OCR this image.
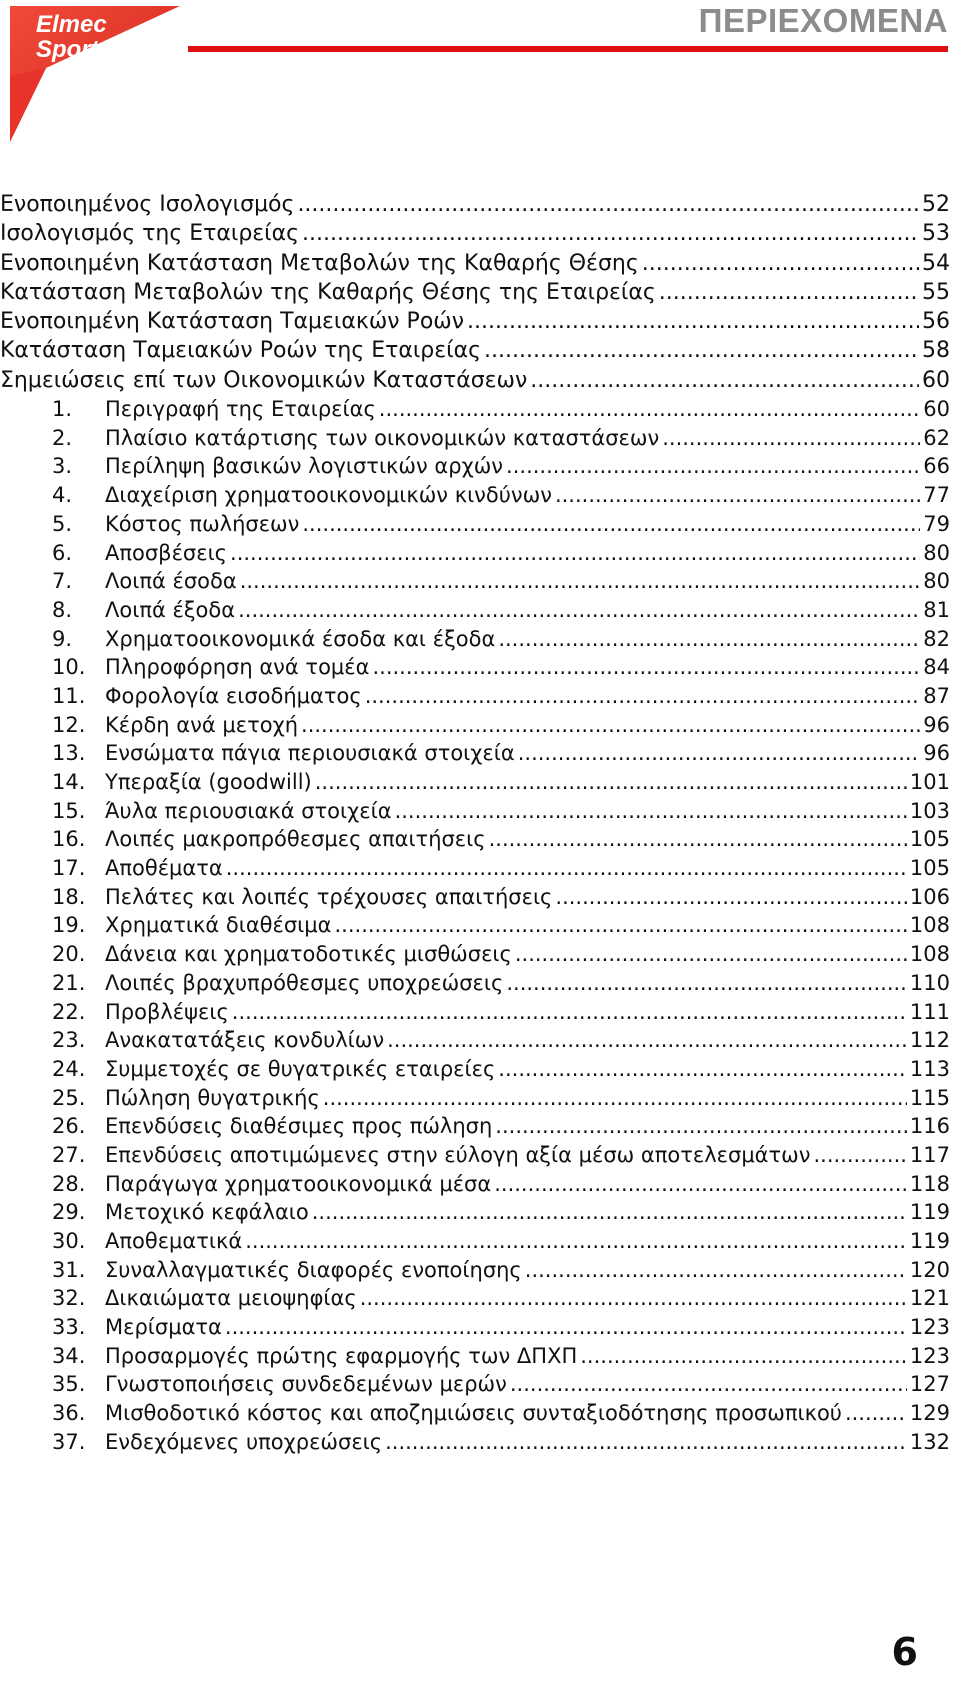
Elmec
Sport
ΠΕΡΙΕΧΟΜΕΝΑ
Ενοποιημένος Ισολογισμός .....	52
Ισολογισμός της Εταιρείας .....	53
Ενοποιημένη Κατάσταση Μεταβολών της Καθαρής Θέσης .....	54
Κατάσταση Μεταβολών της Καθαρής Θέσης της Εταιρείας .....	55
Ενοποιημένη Κατάσταση Ταμειακών Ροών .....	56
Κατάσταση Ταμειακών Ροών της Εταιρείας .....	58
Σημειώσεις επί των Οικονομικών Καταστάσεων .....	60
1.	Περιγραφή της Εταιρείας .....	60
2.	Πλαίσιο κατάρτισης των οικονομικών καταστάσεων .....	62
3.	Περίληψη βασικών λογιστικών αρχών .....	66
4.	Διαχείριση χρηματοοικονομικών κινδύνων .....	77
5.	Κόστος πωλήσεων .....	79
6.	Αποσβέσεις .....	80
7.	Λοιπά έσοδα .....	80
8.	Λοιπά έξοδα .....	81
9.	Χρηματοοικονομικά έσοδα και έξοδα .....	82
10. Πληροφόρηση ανά τομέα .....	84
11. Φορολογία εισοδήματος .....	87
12. Κέρδη ανά μετοχή .....	96
13. Ενσώματα πάγια περιουσιακά στοιχεία .....	96
14. Υπεραξία (goodwill) .....	101
15. Άυλα περιουσιακά στοιχεία .....	103
16. Λοιπές μακροπρόθεσμες απαιτήσεις .....	105
17. Αποθέματα .....	105
18. Πελάτες και λοιπές τρέχουσες απαιτήσεις .....	106
19. Χρηματικά διαθέσιμα .....	108
20. Δάνεια και χρηματοδοτικές μισθώσεις .....	108
21. Λοιπές βραχυπρόθεσμες υποχρεώσεις .....	110
22. Προβλέψεις .....	111
23. Ανακατατάξεις κονδυλίων .....	112
24. Συμμετοχές σε θυγατρικές εταιρείες .....	113
25. Πώληση θυγατρικής .....	115
26. Επενδύσεις διαθέσιμες προς πώληση .....	116
27. Επενδύσεις αποτιμώμενες στην εύλογη αξία μέσω αποτελεσμάτων .....	117
28. Παράγωγα χρηματοοικονομικά μέσα .....	118
29. Μετοχικό κεφάλαιο .....	119
30. Αποθεματικά .....	119
31. Συναλλαγματικές διαφορές ενοποίησης .....	120
32. Δικαιώματα μειοψηφίας .....	121
33. Μερίσματα .....	123
34. Προσαρμογές πρώτης εφαρμογής των ΔΠΧΠ .....	123
35. Γνωστοποιήσεις συνδεδεμένων μερών .....	127
36. Μισθοδοτικό κόστος και αποζημιώσεις συνταξιοδότησης προσωπικού .....	129
37. Ενδεχόμενες υποχρεώσεις .....	132
6
